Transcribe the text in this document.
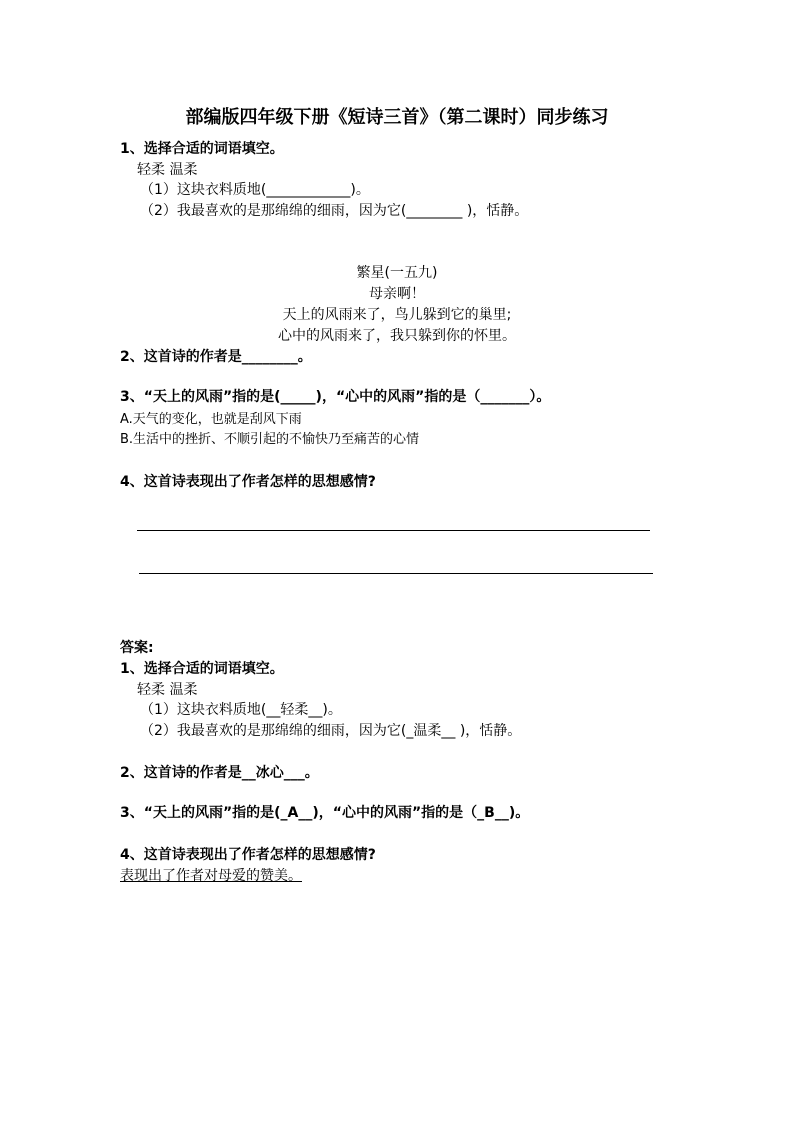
部编版四年级下册《短诗三首》（第二课时）同步练习
1、选择合适的词语填空。
轻柔 温柔
（1）这块衣料质地(____________)。
（2）我最喜欢的是那绵绵的细雨，因为它(________ )，恬静。
繁星(一五九)
母亲啊！
天上的风雨来了，鸟儿躲到它的巢里;
心中的风雨来了，我只躲到你的怀里。
2、这首诗的作者是________。
3、“天上的风雨”指的是(_____)，“心中的风雨”指的是（_______）。
A.天气的变化，也就是刮风下雨
B.生活中的挫折、不顺引起的不愉快乃至痛苦的心情
4、这首诗表现出了作者怎样的思想感情?
答案:
1、选择合适的词语填空。
轻柔 温柔
（1）这块衣料质地(__轻柔__)。
（2）我最喜欢的是那绵绵的细雨，因为它(_温柔__ )，恬静。
2、这首诗的作者是__冰心___。
3、“天上的风雨”指的是(_A__)，“心中的风雨”指的是（_B__)。
4、这首诗表现出了作者怎样的思想感情?
表现出了作者对母爱的赞美。
